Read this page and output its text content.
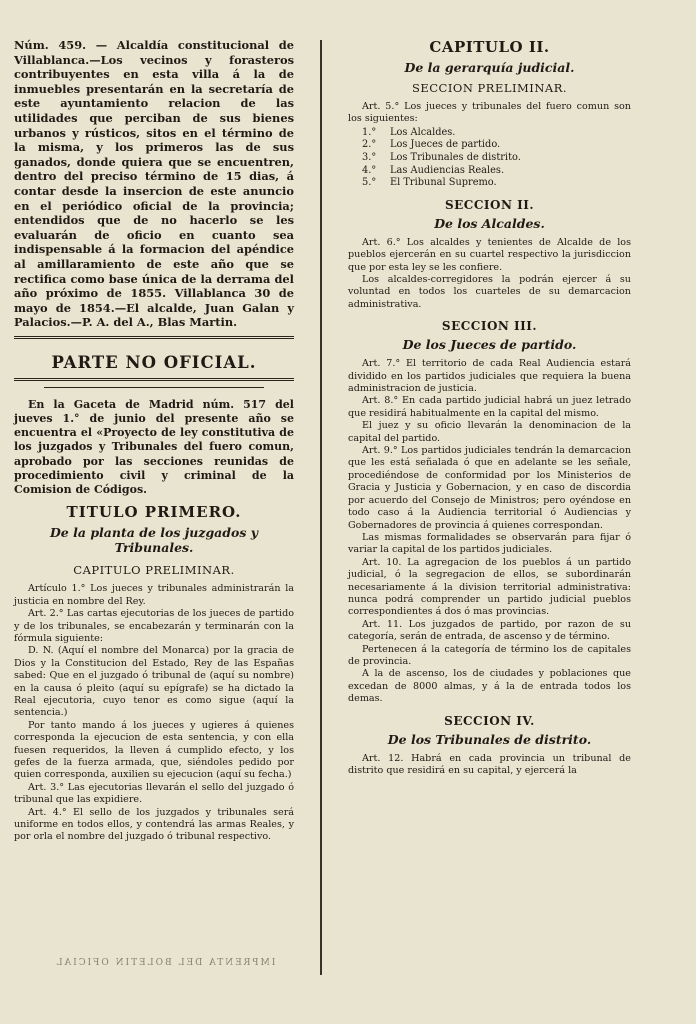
Núm. 459. — Alcaldía constitucional de Villablanca.—Los vecinos y forasteros contribuyentes en esta villa á la de inmuebles presentarán en la secretaría de este ayuntamiento relacion de las utilidades que perciban de sus bienes urbanos y rústicos, sitos en el término de la misma, y los primeros las de sus ganados, donde quiera que se encuentren, dentro del preciso término de 15 dias, á contar desde la insercion de este anuncio en el periódico oficial de la provincia; entendidos que de no hacerlo se les evaluarán de oficio en cuanto sea indispensable á la formacion del apéndice al amillaramiento de este año que se rectifica como base única de la derrama del año próximo de 1855. Villablanca 30 de mayo de 1854.—El alcalde, Juan Galan y Palacios.—P. A. del A., Blas Martin.

PARTE NO OFICIAL.

En la Gaceta de Madrid núm. 517 del jueves 1.° de junio del presente año se encuentra el «Proyecto de ley constitutiva de los juzgados y Tribunales del fuero comun, aprobado por las secciones reunidas de procedimiento civil y criminal de la Comision de Códigos.

TITULO PRIMERO.
De la planta de los juzgados y Tribunales.
CAPITULO PRELIMINAR.

Artículo 1.° Los jueces y tribunales administrarán la justicia en nombre del Rey.

Art. 2.° Las cartas ejecutorias de los jueces de partido y de los tribunales, se encabezarán y terminarán con la fórmula siguiente:

D. N. (Aquí el nombre del Monarca) por la gracia de Dios y la Constitucion del Estado, Rey de las Españas sabed: Que en el juzgado ó tribunal de (aquí su nombre) en la causa ó pleito (aquí su epígrafe) se ha dictado la Real ejecutoria, cuyo tenor es como sigue (aquí la sentencia.)

Por tanto mando á los jueces y ugieres á quienes corresponda la ejecucion de esta sentencia, y con ella fuesen requeridos, la lleven á cumplido efecto, y los gefes de la fuerza armada, que, siéndoles pedido por quien corresponda, auxilien su ejecucion (aquí su fecha.)

Art. 3.° Las ejecutorias llevarán el sello del juzgado ó tribunal que las expidiere.

Art. 4.° El sello de los juzgados y tribunales será uniforme en todos ellos, y contendrá las armas Reales, y por orla el nombre del juzgado ó tribunal respectivo.

CAPITULO II.
De la gerarquía judicial.
SECCION PRELIMINAR.

Art. 5.° Los jueces y tribunales del fuero comun son los siguientes:

1.° Los Alcaldes.
2.° Los Jueces de partido.
3.° Los Tribunales de distrito.
4.° Las Audiencias Reales.
5.° El Tribunal Supremo.
SECCION II.
De los Alcaldes.

Art. 6.° Los alcaldes y tenientes de Alcalde de los pueblos ejercerán en su cuartel respectivo la jurisdiccion que por esta ley se les confiere.

Los alcaldes-corregidores la podrán ejercer á su voluntad en todos los cuarteles de su demarcacion administrativa.

SECCION III.
De los Jueces de partido.

Art. 7.° El territorio de cada Real Audiencia estará dividido en los partidos judiciales que requiera la buena administracion de justicia.

Art. 8.° En cada partido judicial habrá un juez letrado que residirá habitualmente en la capital del mismo.

El juez y su oficio llevarán la denominacion de la capital del partido.

Art. 9.° Los partidos judiciales tendrán la demarcacion que les está señalada ó que en adelante se les señale, procediéndose de conformidad por los Ministerios de Gracia y Justicia y Gobernacion, y en caso de discordia por acuerdo del Consejo de Ministros; pero oyéndose en todo caso á la Audiencia territorial ó Audiencias y Gobernadores de provincia á quienes correspondan.

Las mismas formalidades se observarán para fijar ó variar la capital de los partidos judiciales.

Art. 10. La agregacion de los pueblos á un partido judicial, ó la segregacion de ellos, se subordinarán necesariamente á la division territorial administrativa: nunca podrá comprender un partido judicial pueblos correspondientes á dos ó mas provincias.

Art. 11. Los juzgados de partido, por razon de su categoría, serán de entrada, de ascenso y de término.

Pertenecen á la categoría de término los de capitales de provincia.

A la de ascenso, los de ciudades y poblaciones que excedan de 8000 almas, y á la de entrada todos los demas.

SECCION IV.
De los Tribunales de distrito.

Art. 12. Habrá en cada provincia un tribunal de distrito que residirá en su capital, y ejercerá la

IMPRENTA DEL BOLETIN OFICIAL
